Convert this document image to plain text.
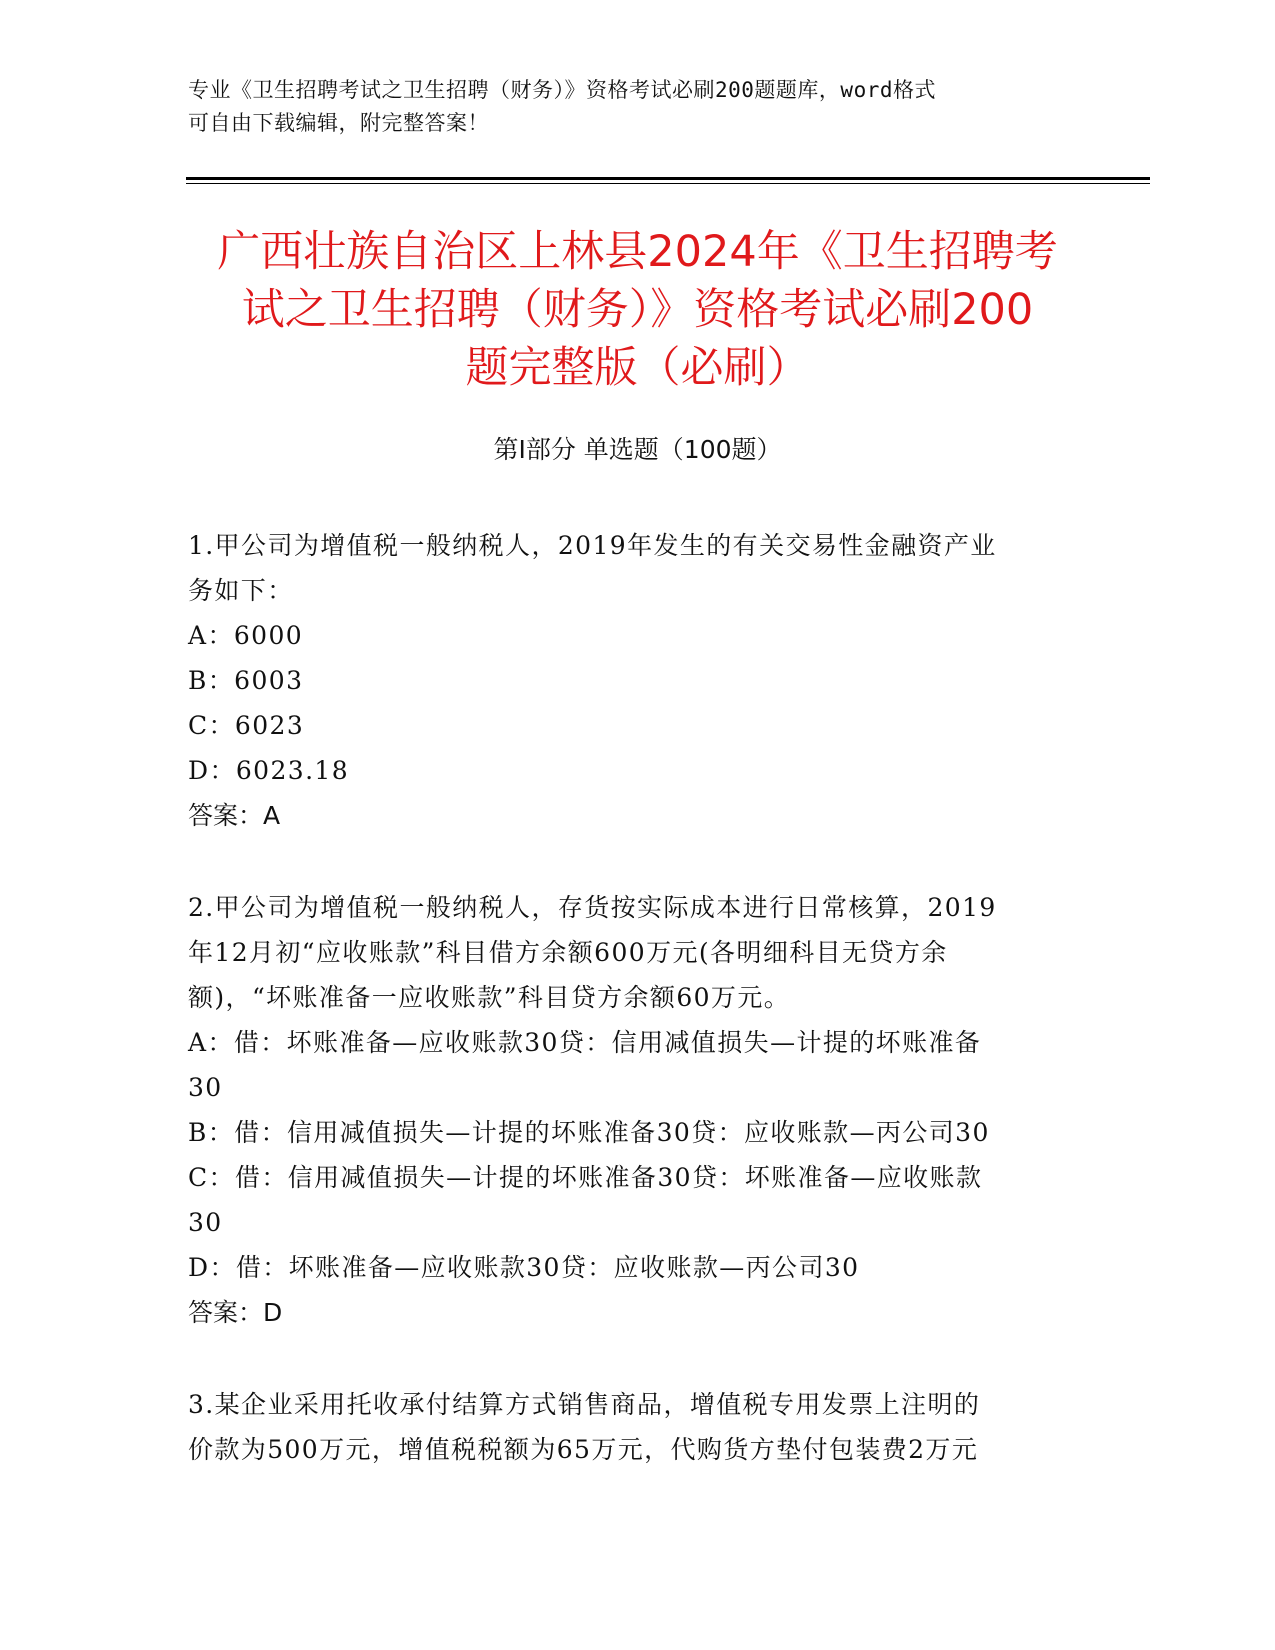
专业《卫生招聘考试之卫生招聘（财务）》资格考试必刷200题题库，word格式
可自由下载编辑，附完整答案！
广西壮族自治区上林县2024年《卫生招聘考
试之卫生招聘（财务）》资格考试必刷200
题完整版（必刷）
第Ⅰ部分 单选题（100题）
1.甲公司为增值税一般纳税人，2019年发生的有关交易性金融资产业
务如下：
A：6000
B：6003
C：6023
D：6023.18
答案：A
2.甲公司为增值税一般纳税人，存货按实际成本进行日常核算，2019
年12月初“应收账款”科目借方余额600万元(各明细科目无贷方余
额)，“坏账准备一应收账款”科目贷方余额60万元。
A：借：坏账准备—应收账款30贷：信用减值损失—计提的坏账准备
30
B：借：信用减值损失—计提的坏账准备30贷：应收账款—丙公司30
C：借：信用减值损失—计提的坏账准备30贷：坏账准备—应收账款
30
D：借：坏账准备—应收账款30贷：应收账款—丙公司30
答案：D
3.某企业采用托收承付结算方式销售商品，增值税专用发票上注明的
价款为500万元，增值税税额为65万元，代购货方垫付包装费2万元
